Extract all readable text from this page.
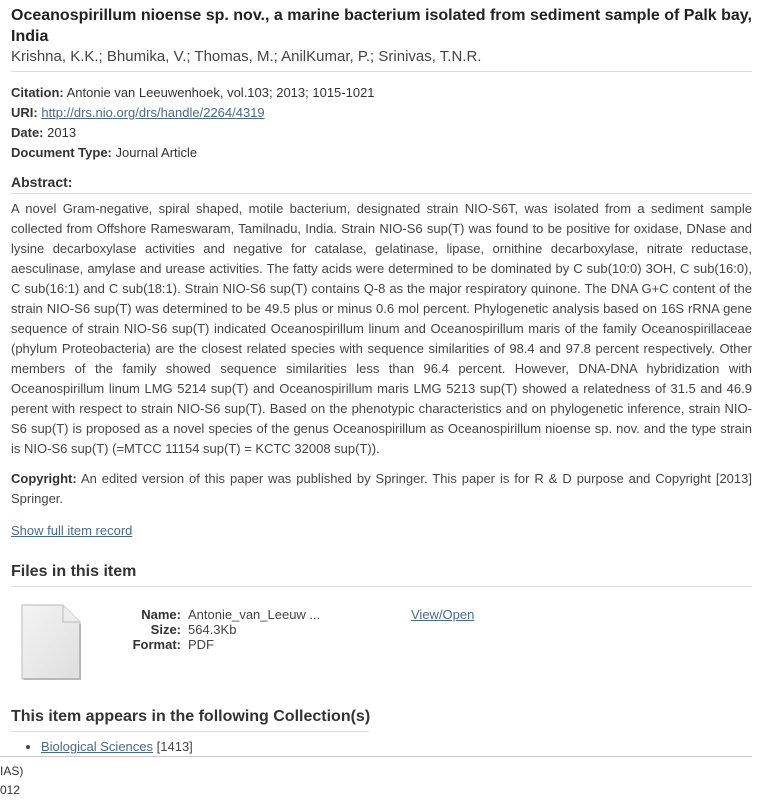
Oceanospirillum nioense sp. nov., a marine bacterium isolated from sediment sample of Palk bay, India
Krishna, K.K.; Bhumika, V.; Thomas, M.; AnilKumar, P.; Srinivas, T.N.R.
Citation: Antonie van Leeuwenhoek, vol.103; 2013; 1015-1021
URI: http://drs.nio.org/drs/handle/2264/4319
Date: 2013
Document Type: Journal Article
Abstract:
A novel Gram-negative, spiral shaped, motile bacterium, designated strain NIO-S6T, was isolated from a sediment sample collected from Offshore Rameswaram, Tamilnadu, India. Strain NIO-S6 sup(T) was found to be positive for oxidase, DNase and lysine decarboxylase activities and negative for catalase, gelatinase, lipase, ornithine decarboxylase, nitrate reductase, aesculinase, amylase and urease activities. The fatty acids were determined to be dominated by C sub(10:0) 3OH, C sub(16:0), C sub(16:1) and C sub(18:1). Strain NIO-S6 sup(T) contains Q-8 as the major respiratory quinone. The DNA G+C content of the strain NIO-S6 sup(T) was determined to be 49.5 plus or minus 0.6 mol percent. Phylogenetic analysis based on 16S rRNA gene sequence of strain NIO-S6 sup(T) indicated Oceanospirillum linum and Oceanospirillum maris of the family Oceanospirillaceae (phylum Proteobacteria) are the closest related species with sequence similarities of 98.4 and 97.8 percent respectively. Other members of the family showed sequence similarities less than 96.4 percent. However, DNA-DNA hybridization with Oceanospirillum linum LMG 5214 sup(T) and Oceanospirillum maris LMG 5213 sup(T) showed a relatedness of 31.5 and 46.9 perent with respect to strain NIO-S6 sup(T). Based on the phenotypic characteristics and on phylogenetic inference, strain NIO-S6 sup(T) is proposed as a novel species of the genus Oceanospirillum as Oceanospirillum nioense sp. nov. and the type strain is NIO-S6 sup(T) (=MTCC 11154 sup(T) = KCTC 32008 sup(T)).
Copyright: An edited version of this paper was published by Springer. This paper is for R & D purpose and Copyright [2013] Springer.
Show full item record
Files in this item
Name: Antonie_van_Leeuw ...
Size: 564.3Kb
Format: PDF
View/Open
This item appears in the following Collection(s)
• Biological Sciences [1413]
IAS)
012
